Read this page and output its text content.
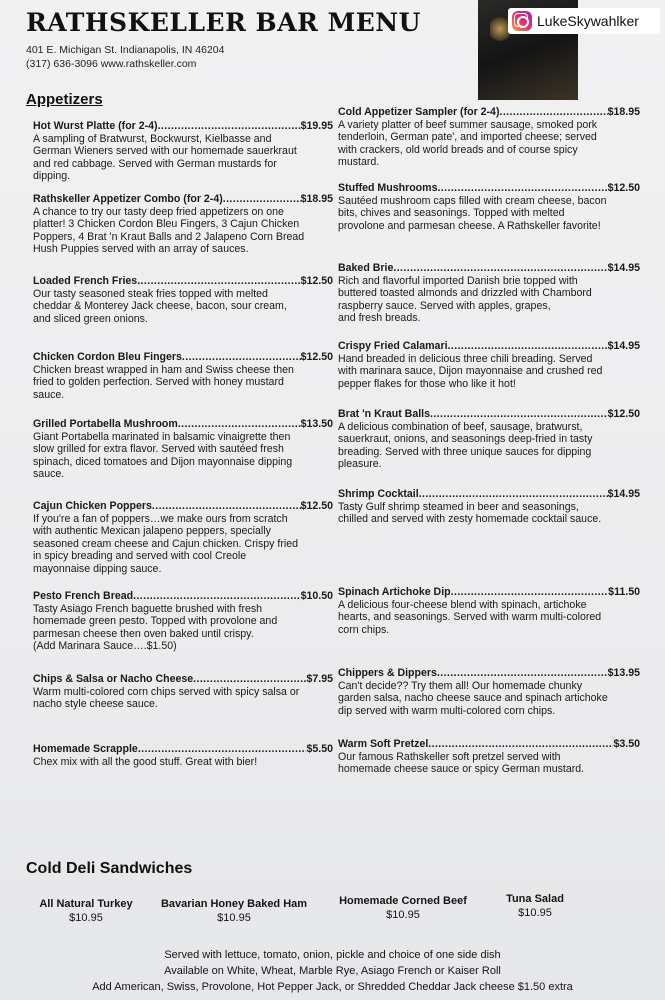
RATHSKELLER BAR MENU
401 E. Michigan St. Indianapolis, IN 46204
(317) 636-3096 www.rathskeller.com
LukeSkywahlker
Appetizers
Hot Wurst Platte (for 2-4) .....	$19.95
A sampling of Bratwurst, Bockwurst, Kielbasse and
German Wieners served with our homemade sauerkraut
and red cabbage. Served with German mustards for
dipping.
Rathskeller Appetizer Combo (for 2-4) .....	$18.95
A chance to try our tasty deep fried appetizers on one
platter! 3 Chicken Cordon Bleu Fingers, 3 Cajun Chicken
Poppers, 4 Brat 'n Kraut Balls and 2 Jalapeno Corn Bread
Hush Puppies served with an array of sauces.
Loaded French Fries .....	$12.50
Our tasty seasoned steak fries topped with melted
cheddar & Monterey Jack cheese, bacon, sour cream,
and sliced green onions.
Chicken Cordon Bleu Fingers .....	$12.50
Chicken breast wrapped in ham and Swiss cheese then
fried to golden perfection. Served with honey mustard
sauce.
Grilled Portabella Mushroom .....	$13.50
Giant Portabella marinated in balsamic vinaigrette then
slow grilled for extra flavor. Served with sautéed fresh
spinach, diced tomatoes and Dijon mayonnaise dipping
sauce.
Cajun Chicken Poppers .....	$12.50
If you're a fan of poppers…we make ours from scratch
with authentic Mexican jalapeno peppers, specially
seasoned cream cheese and Cajun chicken. Crispy fried
in spicy breading and served with cool Creole
mayonnaise dipping sauce.
Pesto French Bread .....	$10.50
Tasty Asiago French baguette brushed with fresh
homemade green pesto. Topped with provolone and
parmesan cheese then oven baked until crispy.
(Add Marinara Sauce….$1.50)
Chips & Salsa or Nacho Cheese .....	$7.95
Warm multi-colored corn chips served with spicy salsa or
nacho style cheese sauce.
Homemade Scrapple .....	$5.50
Chex mix with all the good stuff. Great with bier!
Cold Appetizer Sampler (for 2-4) .....	$18.95
A variety platter of beef summer sausage, smoked pork
tenderloin, German pate', and imported cheese; served
with crackers, old world breads and of course spicy
mustard.
Stuffed Mushrooms .....	$12.50
Sautéed mushroom caps filled with cream cheese, bacon
bits, chives and seasonings. Topped with melted
provolone and parmesan cheese. A Rathskeller favorite!
Baked Brie .....	$14.95
Rich and flavorful imported Danish brie topped with
buttered toasted almonds and drizzled with Chambord
raspberry sauce. Served with apples, grapes,
and fresh breads.
Crispy Fried Calamari .....	$14.95
Hand breaded in delicious three chili breading. Served
with marinara sauce, Dijon mayonnaise and crushed red
pepper flakes for those who like it hot!
Brat 'n Kraut Balls .....	$12.50
A delicious combination of beef, sausage, bratwurst,
sauerkraut, onions, and seasonings deep-fried in tasty
breading. Served with three unique sauces for dipping
pleasure.
Shrimp Cocktail .....	$14.95
Tasty Gulf shrimp steamed in beer and seasonings,
chilled and served with zesty homemade cocktail sauce.
Spinach Artichoke Dip .....	$11.50
A delicious four-cheese blend with spinach, artichoke
hearts, and seasonings. Served with warm multi-colored
corn chips.
Chippers & Dippers .....	$13.95
Can't decide?? Try them all! Our homemade chunky
garden salsa, nacho cheese sauce and spinach artichoke
dip served with warm multi-colored corn chips.
Warm Soft Pretzel .....	$3.50
Our famous Rathskeller soft pretzel served with
homemade cheese sauce or spicy German mustard.
Cold Deli Sandwiches
All Natural Turkey
$10.95
Bavarian Honey Baked Ham
$10.95
Homemade Corned Beef
$10.95
Tuna Salad
$10.95
Served with lettuce, tomato, onion, pickle and choice of one side dish
Available on White, Wheat, Marble Rye, Asiago French or Kaiser Roll
Add American, Swiss, Provolone, Hot Pepper Jack, or Shredded Cheddar Jack cheese $1.50 extra
